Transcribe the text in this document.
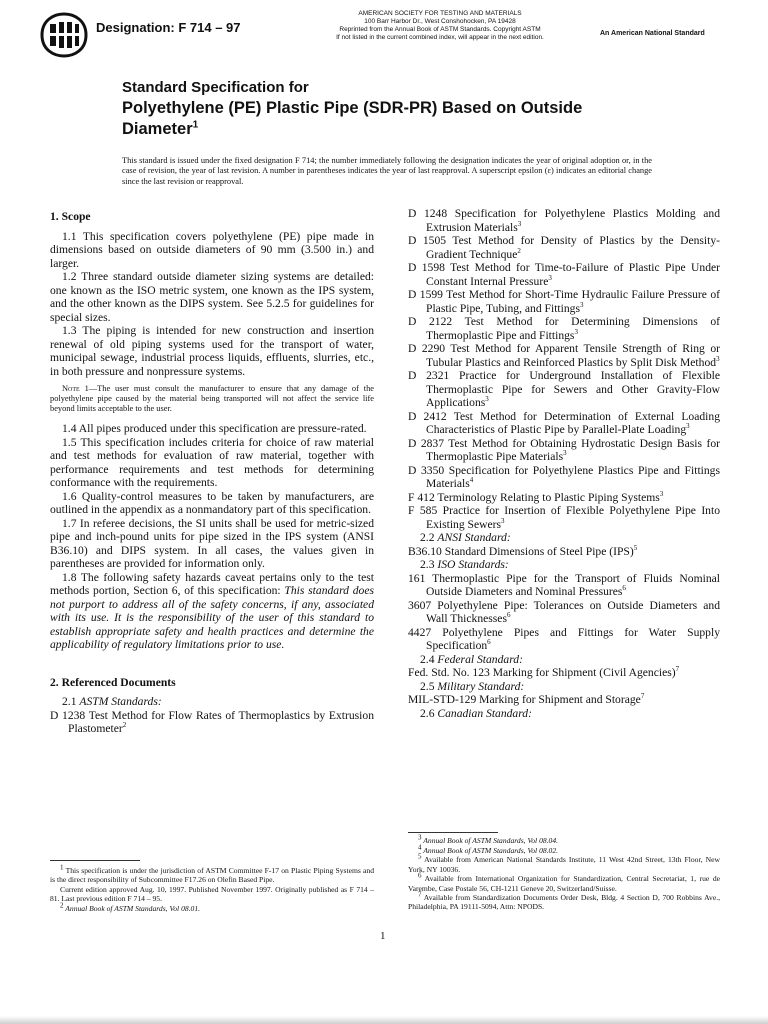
Designation: F 714 – 97
AMERICAN SOCIETY FOR TESTING AND MATERIALS
100 Barr Harbor Dr., West Conshohocken, PA 19428
Reprinted from the Annual Book of ASTM Standards. Copyright ASTM
If not listed in the current combined index, will appear in the next edition.
An American National Standard
Standard Specification for
Polyethylene (PE) Plastic Pipe (SDR-PR) Based on Outside
Diameter$^1$
This standard is issued under the fixed designation F 714; the number immediately following the designation indicates the year of original adoption or, in the case of revision, the year of last revision. A number in parentheses indicates the year of last reapproval. A superscript epsilon (ε) indicates an editorial change since the last revision or reapproval.

1. Scope

1.1 This specification covers polyethylene (PE) pipe made in dimensions based on outside diameters of 90 mm (3.500 in.) and larger.

1.2 Three standard outside diameter sizing systems are detailed: one known as the ISO metric system, one known as the IPS system, and the other known as the DIPS system. See 5.2.5 for guidelines for special sizes.

1.3 The piping is intended for new construction and insertion renewal of old piping systems used for the transport of water, municipal sewage, industrial process liquids, effluents, slurries, etc., in both pressure and nonpressure systems.

Note 1—The user must consult the manufacturer to ensure that any damage of the polyethylene pipe caused by the material being transported will not affect the service life beyond limits acceptable to the user.

1.4 All pipes produced under this specification are pressure-rated.

1.5 This specification includes criteria for choice of raw material and test methods for evaluation of raw material, together with performance requirements and test methods for determining conformance with the requirements.

1.6 Quality-control measures to be taken by manufacturers, are outlined in the appendix as a nonmandatory part of this specification.

1.7 In referee decisions, the SI units shall be used for metric-sized pipe and inch-pound units for pipe sized in the IPS system (ANSI B36.10) and DIPS system. In all cases, the values given in parentheses are provided for information only.

1.8 The following safety hazards caveat pertains only to the test methods portion, Section 6, of this specification: This standard does not purport to address all of the safety concerns, if any, associated with its use. It is the responsibility of the user of this standard to establish appropriate safety and health practices and determine the applicability of regulatory limitations prior to use.

2. Referenced Documents

2.1 ASTM Standards:

D 1238 Test Method for Flow Rates of Thermoplastics by Extrusion Plastometer$^2$

D 1248 Specification for Polyethylene Plastics Molding and Extrusion Materials$^3$

D 1505 Test Method for Density of Plastics by the Density-Gradient Technique$^2$

D 1598 Test Method for Time-to-Failure of Plastic Pipe Under Constant Internal Pressure$^3$

D 1599 Test Method for Short-Time Hydraulic Failure Pressure of Plastic Pipe, Tubing, and Fittings$^3$

D 2122 Test Method for Determining Dimensions of Thermoplastic Pipe and Fittings$^3$

D 2290 Test Method for Apparent Tensile Strength of Ring or Tubular Plastics and Reinforced Plastics by Split Disk Method$^3$

D 2321 Practice for Underground Installation of Flexible Thermoplastic Pipe for Sewers and Other Gravity-Flow Applications$^3$

D 2412 Test Method for Determination of External Loading Characteristics of Plastic Pipe by Parallel-Plate Loading$^3$

D 2837 Test Method for Obtaining Hydrostatic Design Basis for Thermoplastic Pipe Materials$^3$

D 3350 Specification for Polyethylene Plastics Pipe and Fittings Materials$^4$

F 412 Terminology Relating to Plastic Piping Systems$^3$

F 585 Practice for Insertion of Flexible Polyethylene Pipe Into Existing Sewers$^3$

2.2 ANSI Standard:

B36.10 Standard Dimensions of Steel Pipe (IPS)$^5$

2.3 ISO Standards:

161 Thermoplastic Pipe for the Transport of Fluids Nominal Outside Diameters and Nominal Pressures$^6$

3607 Polyethylene Pipe: Tolerances on Outside Diameters and Wall Thicknesses$^6$

4427 Polyethylene Pipes and Fittings for Water Supply Specification$^6$

2.4 Federal Standard:

Fed. Std. No. 123 Marking for Shipment (Civil Agencies)$^7$

2.5 Military Standard:

MIL-STD-129 Marking for Shipment and Storage$^7$

2.6 Canadian Standard:

$^1$ This specification is under the jurisdiction of ASTM Committee F-17 on Plastic Piping Systems and is the direct responsibility of Subcommittee F17.26 on Olefin Based Pipe.

Current edition approved Aug. 10, 1997. Published November 1997. Originally published as F 714 – 81. Last previous edition F 714 – 95.

$^2$ Annual Book of ASTM Standards, Vol 08.01.

$^3$ Annual Book of ASTM Standards, Vol 08.04.

$^4$ Annual Book of ASTM Standards, Vol 08.02.

$^5$ Available from American National Standards Institute, 11 West 42nd Street, 13th Floor, New York, NY 10036.

$^6$ Available from International Organization for Standardization, Central Secretariat, 1, rue de Varembe, Case Postale 56, CH-1211 Geneve 20, Switzerland/Suisse.

$^7$ Available from Standardization Documents Order Desk, Bldg. 4 Section D, 700 Robbins Ave., Philadelphia, PA 19111-5094, Attn: NPODS.

1
